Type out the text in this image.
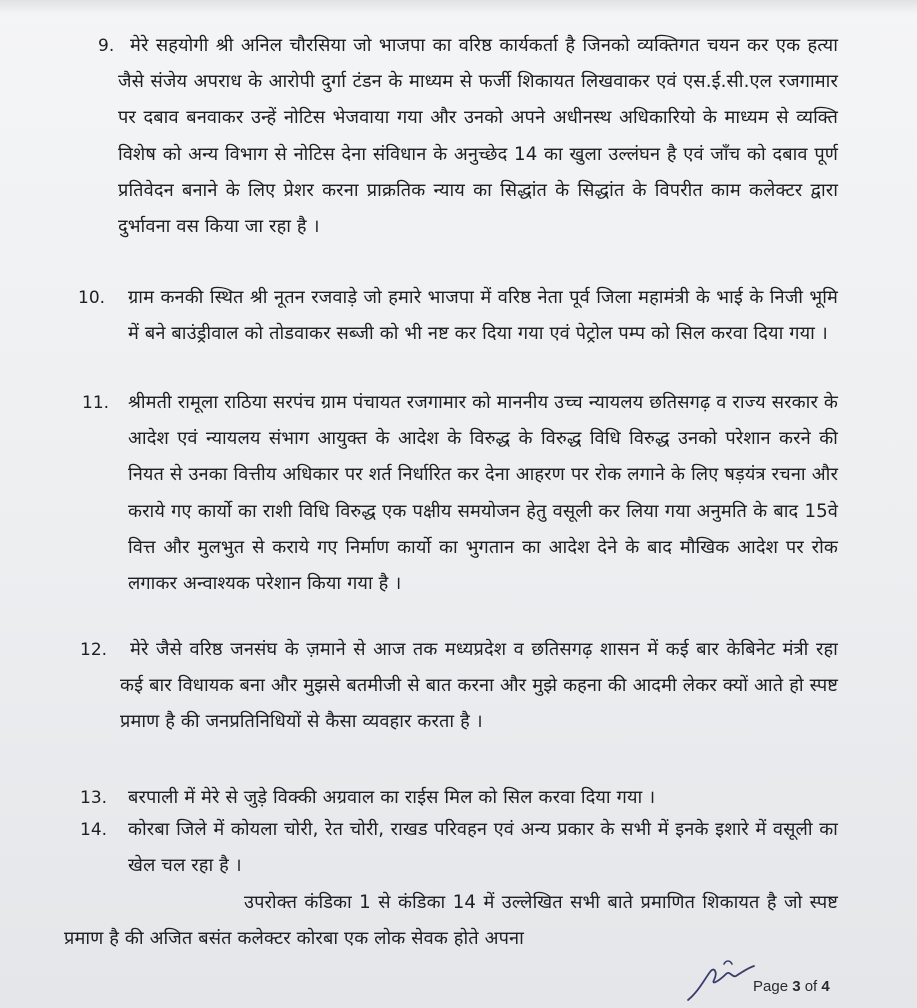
9. मेरे सहयोगी श्री अनिल चौरसिया जो भाजपा का वरिष्ठ कार्यकर्ता है जिनको व्यक्तिगत चयन कर एक हत्या जैसे संजेय अपराध के आरोपी दुर्गा टंडन के माध्यम से फर्जी शिकायत लिखवाकर एवं एस.ई.सी.एल रजगामार पर दबाव बनवाकर उन्हें नोटिस भेजवाया गया और उनको अपने अधीनस्थ अधिकारियो के माध्यम से व्यक्ति विशेष को अन्य विभाग से नोटिस देना संविधान के अनुच्छेद 14 का खुला उल्लंघन है एवं जाँच को दबाव पूर्ण प्रतिवेदन बनाने के लिए प्रेशर करना प्राक्रतिक न्याय का सिद्धांत के सिद्धांत के विपरीत काम कलेक्टर द्वारा दुर्भावना वस किया जा रहा है ।
10. ग्राम कनकी स्थित श्री नूतन रजवाड़े जो हमारे भाजपा में वरिष्ठ नेता पूर्व जिला महामंत्री के भाई के निजी भूमि में बने बाउंड्रीवाल को तोडवाकर सब्जी को भी नष्ट कर दिया गया एवं पेट्रोल पम्प को सिल करवा दिया गया ।
11. श्रीमती रामूला राठिया सरपंच ग्राम पंचायत रजगामार को माननीय उच्च न्यायलय छतिसगढ़ व राज्य सरकार के आदेश एवं न्यायलय संभाग आयुक्त के आदेश के विरुद्ध के विरुद्ध विधि विरुद्ध उनको परेशान करने की नियत से उनका वित्तीय अधिकार पर शर्त निर्धारित कर देना आहरण पर रोक लगाने के लिए षड़यंत्र रचना और कराये गए कार्यो का राशी विधि विरुद्ध एक पक्षीय समयोजन हेतु वसूली कर लिया गया अनुमति के बाद 15वे वित्त और मुलभुत से कराये गए निर्माण कार्यो का भुगतान का आदेश देने के बाद मौखिक आदेश पर रोक लगाकर अन्वाश्यक परेशान किया गया है ।
12.	मेरे जैसे वरिष्ठ जनसंघ के ज़माने से आज तक मध्यप्रदेश व छतिसगढ़ शासन में कई बार केबिनेट मंत्री रहा कई बार विधायक बना और मुझसे बतमीजी से बात करना और मुझे कहना की आदमी लेकर क्यों आते हो स्पष्ट प्रमाण है की जनप्रतिनिधियों से कैसा व्यवहार करता है ।
13. बरपाली में मेरे से जुड़े विक्की अग्रवाल का राईस मिल को सिल करवा दिया गया ।
14. कोरबा जिले में कोयला चोरी, रेत चोरी, राखड परिवहन एवं अन्य प्रकार के सभी में इनके इशारे में वसूली का खेल चल रहा है ।
उपरोक्त कंडिका 1 से कंडिका 14 में उल्लेखित सभी बाते प्रमाणित शिकायत है जो स्पष्ट प्रमाण है की अजित बसंत कलेक्टर कोरबा एक लोक सेवक होते अपना
Page 3 of 4
